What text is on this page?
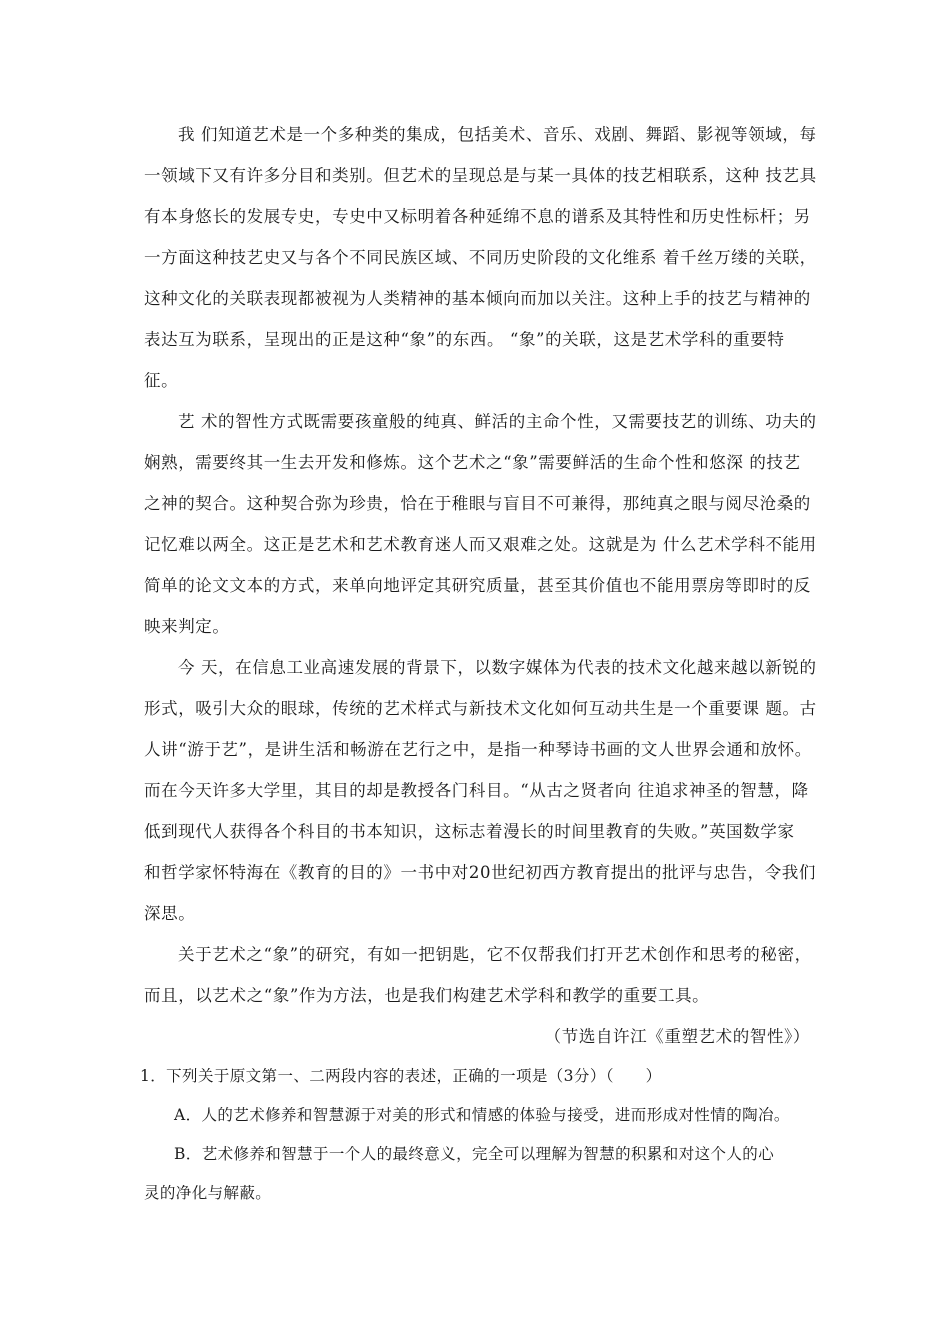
我 们知道艺术是一个多种类的集成，包括美术、音乐、戏剧、舞蹈、影视等领域，每
一领域下又有许多分目和类别。但艺术的呈现总是与某一具体的技艺相联系，这种 技艺具
有本身悠长的发展专史，专史中又标明着各种延绵不息的谱系及其特性和历史性标杆；另
一方面这种技艺史又与各个不同民族区域、不同历史阶段的文化维系 着千丝万缕的关联，
这种文化的关联表现都被视为人类精神的基本倾向而加以关注。这种上手的技艺与精神的
表达互为联系，呈现出的正是这种“象”的东西。 “象”的关联，这是艺术学科的重要特
征。
艺 术的智性方式既需要孩童般的纯真、鲜活的主命个性，又需要技艺的训练、功夫的
娴熟，需要终其一生去开发和修炼。这个艺术之“象”需要鲜活的生命个性和悠深 的技艺
之神的契合。这种契合弥为珍贵，恰在于稚眼与盲目不可兼得，那纯真之眼与阅尽沧桑的
记忆难以两全。这正是艺术和艺术教育迷人而又艰难之处。这就是为 什么艺术学科不能用
简单的论文文本的方式，来单向地评定其研究质量，甚至其价值也不能用票房等即时的反
映来判定。
今 天，在信息工业高速发展的背景下，以数字媒体为代表的技术文化越来越以新锐的
形式，吸引大众的眼球，传统的艺术样式与新技术文化如何互动共生是一个重要课 题。古
人讲“游于艺”，是讲生活和畅游在艺行之中，是指一种琴诗书画的文人世界会通和放怀。
而在今天许多大学里，其目的却是教授各门科目。“从古之贤者向 往追求神圣的智慧，降
低到现代人获得各个科目的书本知识，这标志着漫长的时间里教育的失败。”英国数学家
和哲学家怀特海在《教育的目的》一书中对20世纪初西方教育提出的批评与忠告，令我们
深思。
关于艺术之“象”的研究，有如一把钥匙，它不仅帮我们打开艺术创作和思考的秘密，
而且，以艺术之“象”作为方法，也是我们构建艺术学科和教学的重要工具。
（节选自许江《重塑艺术的智性》）
1．下列关于原文第一、二两段内容的表述，正确的一项是（3分）（　　）
A．人的艺术修养和智慧源于对美的形式和情感的体验与接受，进而形成对性情的陶冶。
B．艺术修养和智慧于一个人的最终意义，完全可以理解为智慧的积累和对这个人的心
灵的净化与解蔽。
